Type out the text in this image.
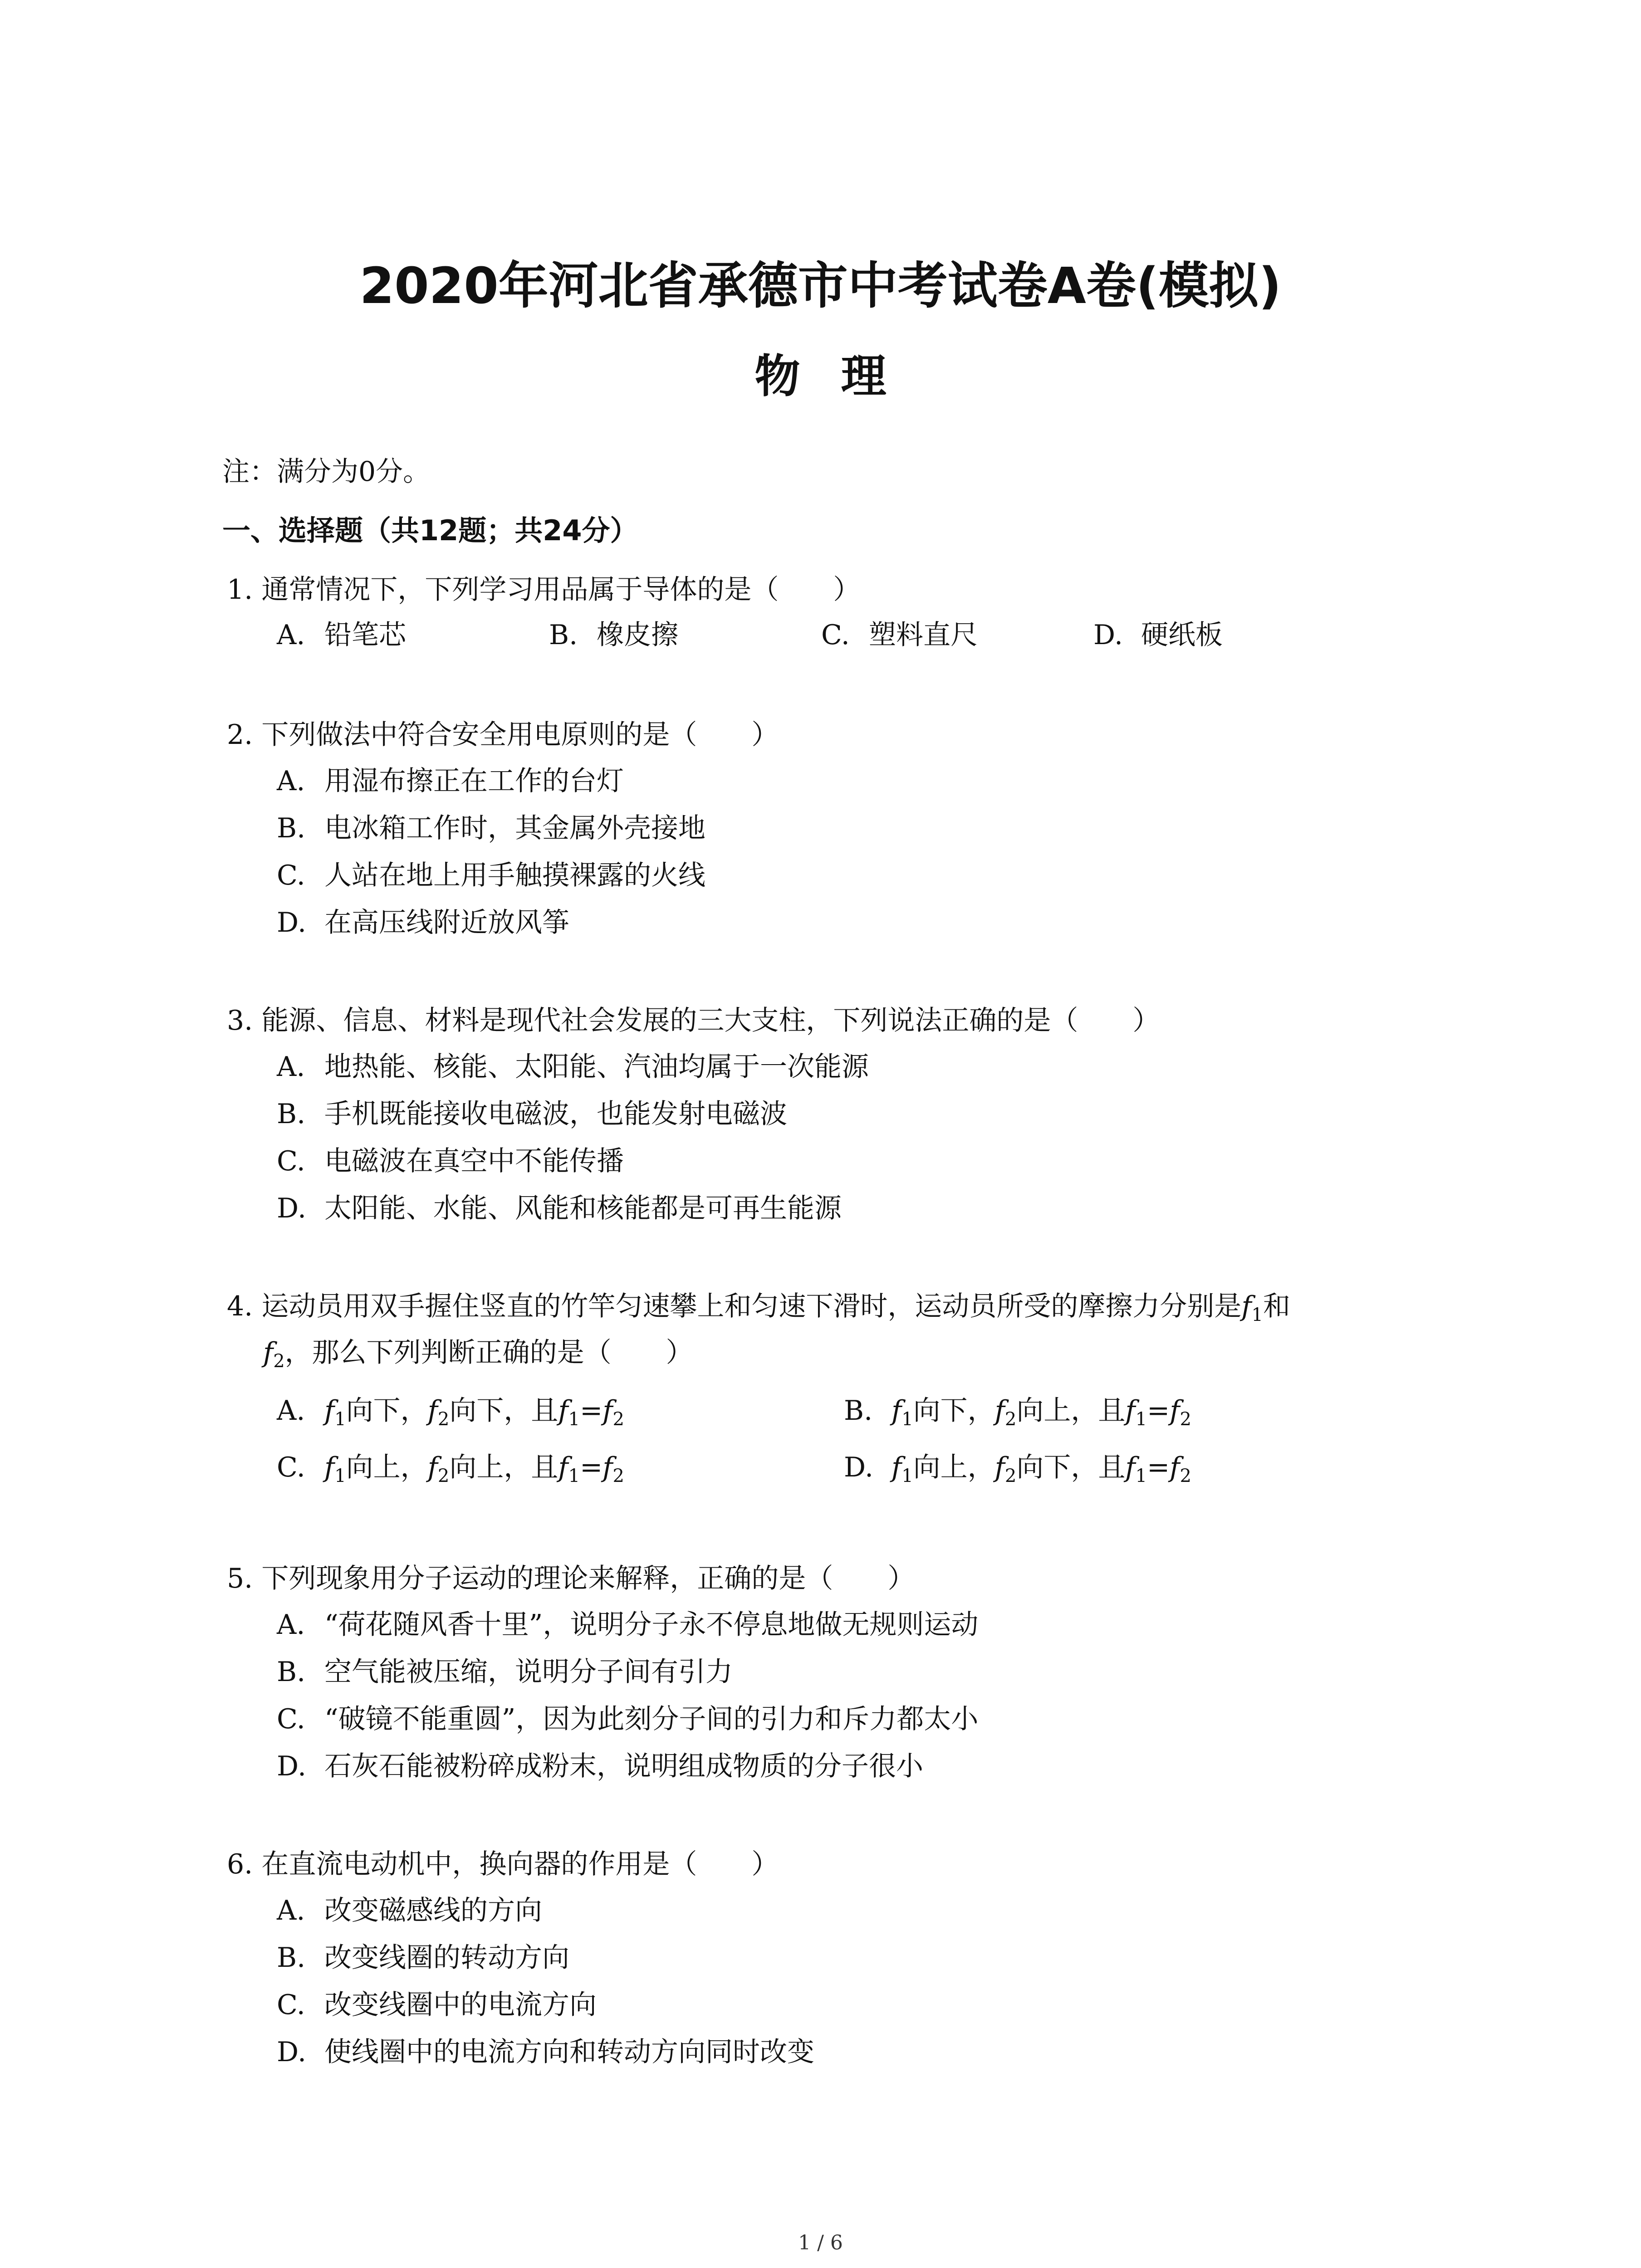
2020年河北省承德市中考试卷A卷(模拟)
物理
注：满分为0分。
一、选择题（共12题；共24分）
1. 通常情况下，下列学习用品属于导体的是（　　）
A. 铅笔芯	B. 橡皮擦	C. 塑料直尺	D. 硬纸板
2. 下列做法中符合安全用电原则的是（　　）
A. 用湿布擦正在工作的台灯
B. 电冰箱工作时，其金属外壳接地
C. 人站在地上用手触摸裸露的火线
D. 在高压线附近放风筝
3. 能源、信息、材料是现代社会发展的三大支柱，下列说法正确的是（　　）
A. 地热能、核能、太阳能、汽油均属于一次能源
B. 手机既能接收电磁波，也能发射电磁波
C. 电磁波在真空中不能传播
D. 太阳能、水能、风能和核能都是可再生能源
4. 运动员用双手握住竖直的竹竿匀速攀上和匀速下滑时，运动员所受的摩擦力分别是$f_1$和
$f_2$，那么下列判断正确的是（　　）
A. $f_1$向下，$f_2$向下，且$f_1=f_2$	B. $f_1$向下，$f_2$向上，且$f_1=f_2$
C. $f_1$向上，$f_2$向上，且$f_1=f_2$	D. $f_1$向上，$f_2$向下，且$f_1=f_2$
5. 下列现象用分子运动的理论来解释，正确的是（　　）
A. “荷花随风香十里”，说明分子永不停息地做无规则运动
B. 空气能被压缩，说明分子间有引力
C. “破镜不能重圆”，因为此刻分子间的引力和斥力都太小
D. 石灰石能被粉碎成粉末，说明组成物质的分子很小
6. 在直流电动机中，换向器的作用是（　　）
A. 改变磁感线的方向
B. 改变线圈的转动方向
C. 改变线圈中的电流方向
D. 使线圈中的电流方向和转动方向同时改变
1 / 6
